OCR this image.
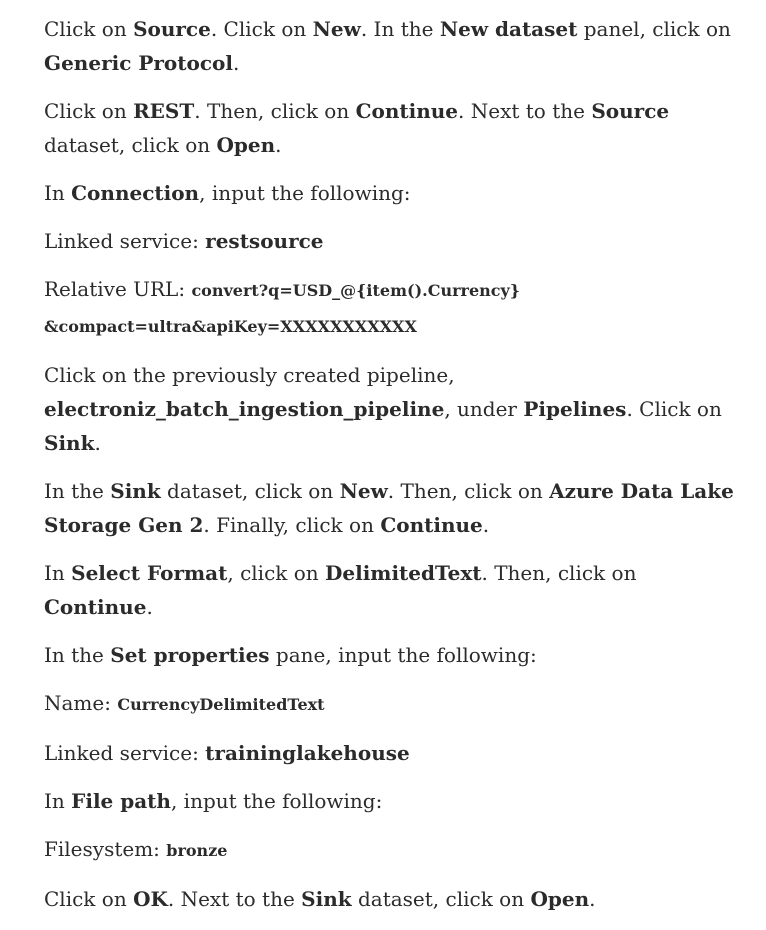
Click on Source. Click on New. In the New dataset panel, click on
Generic Protocol.

Click on REST. Then, click on Continue. Next to the Source dataset, click on Open.

In Connection, input the following:

Linked service: restsource

Relative URL: convert?q=USD_@{item().Currency}
&compact=ultra&apiKey=XXXXXXXXXXX

Click on the previously created pipeline,
electroniz_batch_ingestion_pipeline, under Pipelines. Click on Sink.

In the Sink dataset, click on New. Then, click on Azure Data Lake Storage Gen 2. Finally, click on Continue.

In Select Format, click on DelimitedText. Then, click on Continue.

In the Set properties pane, input the following:

Name: CurrencyDelimitedText

Linked service: traininglakehouse

In File path, input the following:

Filesystem: bronze

Click on OK. Next to the Sink dataset, click on Open.
